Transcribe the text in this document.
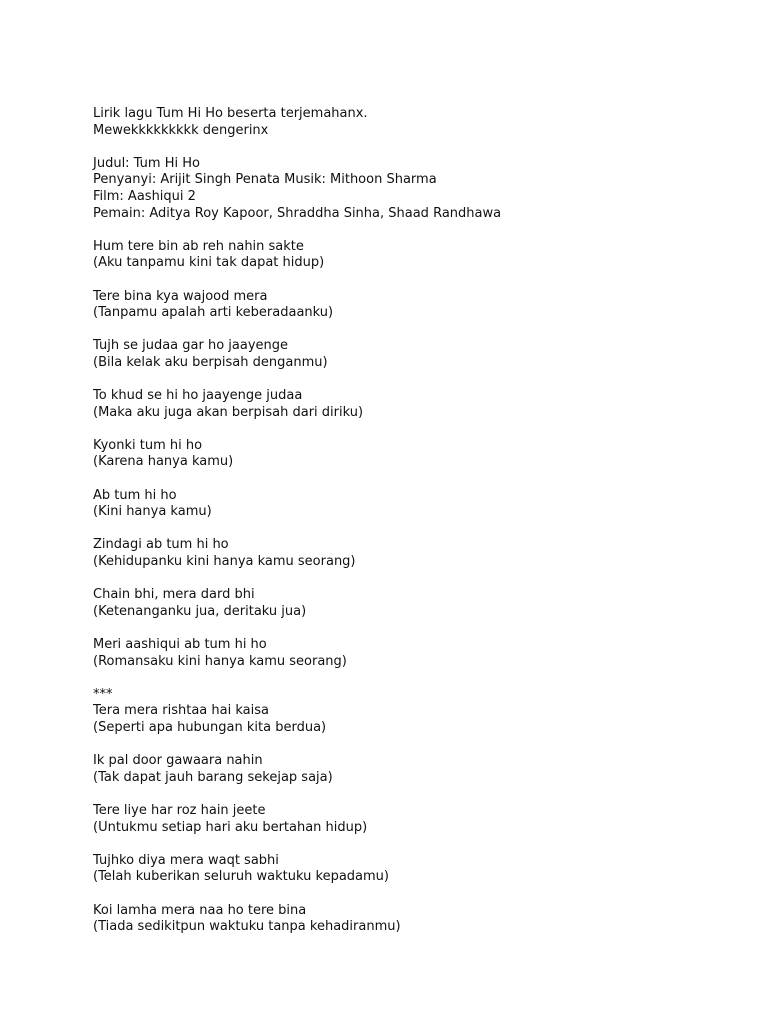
Lirik lagu Tum Hi Ho beserta terjemahanx.
Mewekkkkkkkkk dengerinx
Judul: Tum Hi Ho
Penyanyi: Arijit Singh Penata Musik: Mithoon Sharma
Film: Aashiqui 2
Pemain: Aditya Roy Kapoor, Shraddha Sinha, Shaad Randhawa
Hum tere bin ab reh nahin sakte
(Aku tanpamu kini tak dapat hidup)
Tere bina kya wajood mera
(Tanpamu apalah arti keberadaanku)
Tujh se judaa gar ho jaayenge
(Bila kelak aku berpisah denganmu)
To khud se hi ho jaayenge judaa
(Maka aku juga akan berpisah dari diriku)
Kyonki tum hi ho
(Karena hanya kamu)
Ab tum hi ho
(Kini hanya kamu)
Zindagi ab tum hi ho
(Kehidupanku kini hanya kamu seorang)
Chain bhi, mera dard bhi
(Ketenanganku jua, deritaku jua)
Meri aashiqui ab tum hi ho
(Romansaku kini hanya kamu seorang)
***
Tera mera rishtaa hai kaisa
(Seperti apa hubungan kita berdua)
Ik pal door gawaara nahin
(Tak dapat jauh barang sekejap saja)
Tere liye har roz hain jeete
(Untukmu setiap hari aku bertahan hidup)
Tujhko diya mera waqt sabhi
(Telah kuberikan seluruh waktuku kepadamu)
Koi lamha mera naa ho tere bina
(Tiada sedikitpun waktuku tanpa kehadiranmu)
